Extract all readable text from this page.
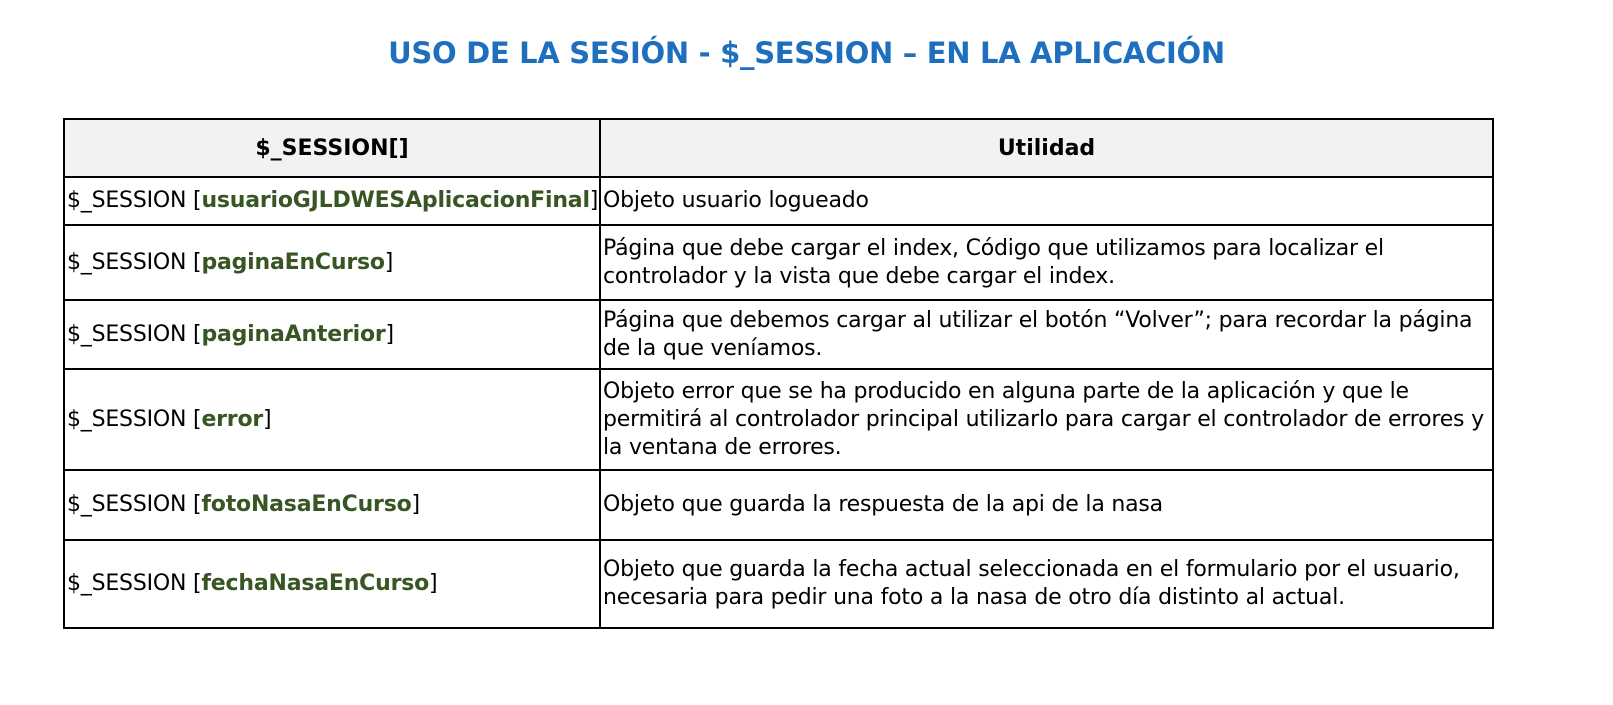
USO DE LA SESIÓN - $_SESSION – EN LA APLICACIÓN
$_SESSION[]	Utilidad
$_SESSION [usuarioGJLDWESAplicacionFinal]	Objeto usuario logueado
$_SESSION [paginaEnCurso]	Página que debe cargar el index, Código que utilizamos para localizar el controlador y la vista que debe cargar el index.
$_SESSION [paginaAnterior]	Página que debemos cargar al utilizar el botón “Volver”; para recordar la página de la que veníamos.
$_SESSION [error]	Objeto error que se ha producido en alguna parte de la aplicación y que le permitirá al controlador principal utilizarlo para cargar el controlador de errores y la ventana de errores.
$_SESSION [fotoNasaEnCurso]	Objeto que guarda la respuesta de la api de la nasa
$_SESSION [fechaNasaEnCurso]	Objeto que guarda la fecha actual seleccionada en el formulario por el usuario, necesaria para pedir una foto a la nasa de otro día distinto al actual.
